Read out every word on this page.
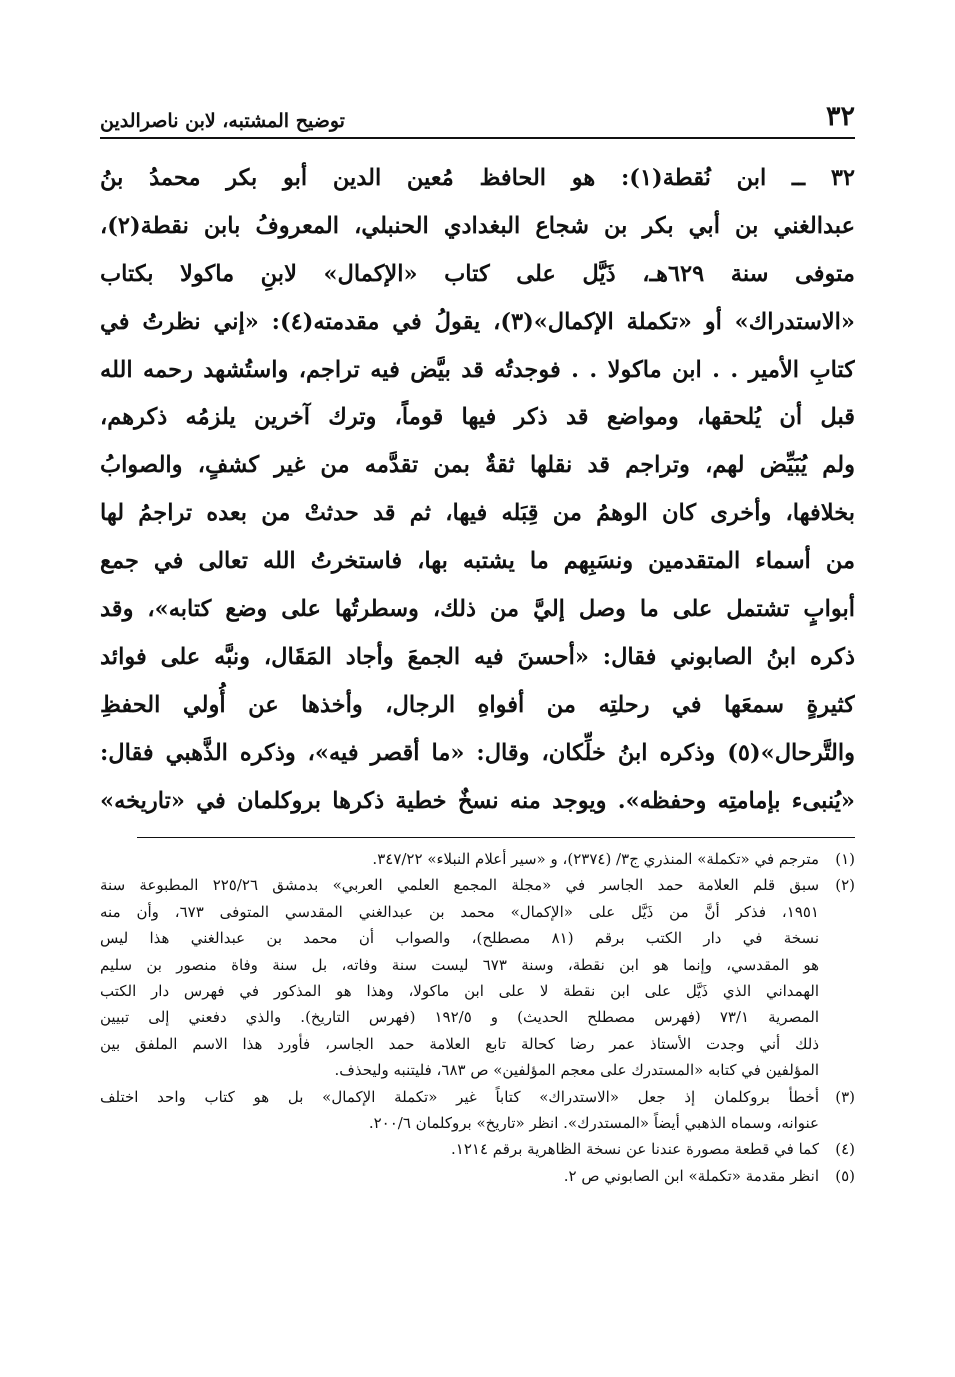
٣٢
توضيح المشتبه، لابن ناصرالدين
٣٢ ــ ابن نُقطة(١): هو الحافظ مُعين الدين أبو بكر محمدُ بنُ
عبدالغني بن أبي بكر بن شجاع البغدادي الحنبلي، المعروفُ بابن نقطة(٢)،
متوفى سنة ٦٢٩هـ، ذَيَّل على كتاب «الإكمال» لابنِ ماكولا بكتاب
«الاستدراك» أو «تكملة الإكمال»(٣)، يقولُ في مقدمته(٤): «إني نظرتُ في
كتابِ الأمير . . ابن ماكولا . . فوجدتُه قد بيَّض فيه تراجم، واستُشهد رحمه الله
قبل أن يُلحقها، ومواضع قد ذكر فيها قوماً، وترك آخرين يلزمُه ذكرهم،
ولم يُبَيِّض لهم، وتراجم قد نقلها ثقةٌ بمن تقدَّمه من غير كشفٍ، والصوابُ
بخلافها، وأخرى كان الوهمُ من قِبَله فيها، ثم قد حدثتْ من بعده تراجمُ لها
من أسماء المتقدمين ونسَبِهم ما يشتبه بها، فاستخرتُ الله تعالى في جمع
أبوابٍ تشتمل على ما وصل إليَّ من ذلك، وسطرتُها على وضع كتابه»، وقد
ذكره ابنُ الصابوني فقال: «أحسنَ فيه الجمعَ وأجاد المَقَال، ونبَّه على فوائد
كثيرةٍ سمعَها في رحلتِه من أفواهِ الرجال، وأخذها عن أُولي الحفظِ
والتَّرحال»(٥) وذكره ابنُ خلِّكان، وقال: «ما أقصر فيه»، وذكره الذَّهبي فقال:
«يُنبىء بإمامتِه وحفظه». ويوجد منه نسخٌ خطية ذكرها بروكلمان في «تاريخه»
(١)
مترجم في «تكملة» المنذري ج٣/ (٢٣٧٤)، و «سير أعلام النبلاء» ٣٤٧/٢٢.
(٢)
سبق قلم العلامة حمد الجاسر في «مجلة المجمع العلمي العربي» بدمشق ٢٢٥/٢٦ المطبوعة سنة
١٩٥١، فذكر أنَّ من ذَيَّل على «الإكمال» محمد بن عبدالغني المقدسي المتوفى ٦٧٣، وأن منه
نسخة في دار الكتب برقم (٨١ مصطلح)، والصواب أن محمد بن عبدالغني هذا ليس
هو المقدسي، وإنما هو ابن نقطة، وسنة ٦٧٣ ليست سنة وفاته، بل سنة وفاة منصور بن سليم
الهمداني الذي ذَيَّل على ابن نقطة لا على ابن ماكولا، وهذا هو المذكور في فهرس دار الكتب
المصرية ٧٣/١ (فهرس مصطلح الحديث) و ١٩٢/٥ (فهرس التاريخ). والذي دفعني إلى تبيين
ذلك أني وجدت الأستاذ عمر رضا كحالة تابع العلامة حمد الجاسر، فأورد هذا الاسم الملفق بين
المؤلفين في كتابه «المستدرك على معجم المؤلفين» ص ٦٨٣، فليتنبه وليحذف.
(٣)
أخطأ بروكلمان إذ جعل «الاستدراك» كتاباً غير «تكملة الإكمال» بل هو كتاب واحد اختلف
عنوانه، وسماه الذهبي أيضاً «المستدرك». انظر «تاريخ» بروكلمان ٢٠٠/٦.
(٤)
كما في قطعة مصورة عندنا عن نسخة الظاهرية برقم ١٢١٤.
(٥)
انظر مقدمة «تكملة» ابن الصابوني ص ٢.
